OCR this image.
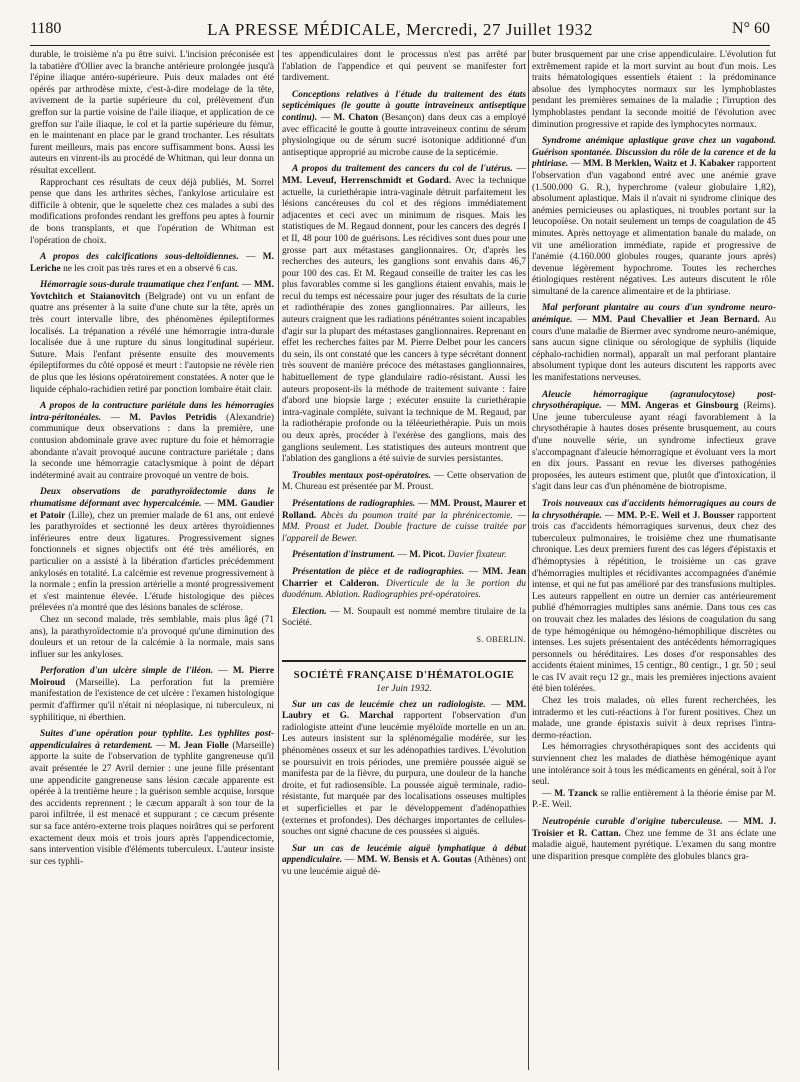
LA PRESSE MÉDICALE, Mercredi, 27 Juillet 1932
1180	N° 60

durable, le troisième n'a pu être suivi. L'incision préconisée est la tabatière d'Ollier avec la branche antérieure prolongée jusqu'à l'épine iliaque antéro-supérieure. Puis deux malades ont été opérés par arthrodèse mixte, c'est-à-dire modelage de la tête, avivement de la partie supérieure du col, prélèvement d'un greffon sur la partie voisine de l'aile iliaque, et application de ce greffon sur l'aile iliaque, le col et la partie supérieure du fémur, en le maintenant en place par le grand trochanter. Les résultats furent meilleurs, mais pas encore suffisamment bons. Aussi les auteurs en vinrent-ils au procédé de Whitman, qui leur donna un résultat excellent.

Rapprochant ces résultats de ceux déjà publiés, M. Sorrel pense que dans les arthrites sèches, l'ankylose articulaire est difficile à obtenir, que le squelette chez ces malades a subi des modifications profondes rendant les greffons peu aptes à fournir de bons transplants, et que l'opération de Whitman est l'opération de choix.

A propos des calcifications sous-deltoïdiennes. — M. Leriche ne les croit pas très rares et en a observé 6 cas.

Hémorragie sous-durale traumatique chez l'enfant. — MM. Yovtchitch et Staianovitch (Belgrade) ont vu un enfant de quatre ans présenter à la suite d'une chute sur la tête, après un très court intervalle libre, des phénomènes épileptiformes localisés. La trépanation a révélé une hémorragie intra-durale localisée due à une rupture du sinus longitudinal supérieur. Suture. Mais l'enfant présente ensuite des mouvements épileptiformes du côté opposé et meurt : l'autopsie ne révèle rien de plus que les lésions opératoirement constatées. A noter que le liquide céphalo-rachidien retiré par ponction lombaire était clair.

A propos de la contracture pariétale dans les hémorragies intra-péritonéales. — M. Pavlos Petridis (Alexandrie) communique deux observations : dans la première, une contusion abdominale grave avec rupture du foie et hémorragie abondante n'avait provoqué aucune contracture pariétale ; dans la seconde une hémorragie cataclysmique à point de départ indéterminé avait au contraire provoqué un ventre de bois.

Deux observations de parathyroïdectomie dans le rhumatisme déformant avec hypercalcémie. — MM. Gaudier et Patoir (Lille), chez un premier malade de 61 ans, ont enlevé les parathyroïdes et sectionné les deux artères thyroïdiennes inférieures entre deux ligatures. Progressivement signes fonctionnels et signes objectifs ont été très améliorés, en particulier on a assisté à la libération d'articles précédemment ankylosés en totalité. La calcémie est revenue progressivement à la normale ; enfin la pression artérielle a monté progressivement et s'est maintenue élevée. L'étude histologique des pièces prélevées n'a montré que des lésions banales de sclérose.

Chez un second malade, très semblable, mais plus âgé (71 ans), la parathyroïdectomie n'a provoqué qu'une diminution des douleurs et un retour de la calcémie à la normale, mais sans influer sur les ankyloses.

Perforation d'un ulcère simple de l'iléon. — M. Pierre Moiroud (Marseille). La perforation fut la première manifestation de l'existence de cet ulcère : l'examen histologique permit d'affirmer qu'il n'était ni néoplasique, ni tuberculeux, ni syphilitique, ni éberthien.

Suites d'une opération pour typhlite. Les typhlites post-appendiculaires à retardement. — M. Jean Fiolle (Marseille) apporte la suite de l'observation de typhlite gangreneuse qu'il avait présentée le 27 Avril dernier : une jeune fille présentant une appendicite gangreneuse sans lésion cæcale apparente est opérée à la trentième heure ; la guérison semble acquise, lorsque des accidents reprennent ; le cæcum apparaît à son tour de la paroi infiltrée, il est menacé et suppurant ; ce cæcum présente sur sa face antéro-externe trois plaques noirâtres qui se perforent exactement deux mois et trois jours après l'appendicectomie, sans intervention visible d'éléments tuberculeux. L'auteur insiste sur ces typhli-

tes appendiculaires dont le processus n'est pas arrêté par l'ablation de l'appendice et qui peuvent se manifester fort tardivement.

Conceptions relatives à l'étude du traitement des états septicémiques (le goutte à goutte intraveineux antiseptique continu). — M. Chaton (Besançon) dans deux cas a employé avec efficacité le goutte à goutte intraveineux continu de sérum physiologique ou de sérum sucré isotonique additionné d'un antiseptique approprié au microbe cause de la septicémie.

A propos du traitement des cancers du col de l'utérus. — MM. Leveuf, Herrenschmidt et Godard. Avec la technique actuelle, la curiethérapie intra-vaginale détruit parfaitement les lésions cancéreuses du col et des régions immédiatement adjacentes et ceci avec un minimum de risques. Mais les statistiques de M. Regaud donnent, pour les cancers des degrés I et II, 48 pour 100 de guérisons. Les récidives sont dues pour une grosse part aux métastases ganglionnaires. Or, d'après les recherches des auteurs, les ganglions sont envahis dans 46,7 pour 100 des cas. Et M. Regaud conseille de traiter les cas les plus favorables comme si les ganglions étaient envahis, mais le recul du temps est nécessaire pour juger des résultats de la curie et radiothérapie des zones ganglionnaires. Par ailleurs, les auteurs craignent que les radiations pénétrantes soient incapables d'agir sur la plupart des métastases ganglionnaires. Reprenant en effet les recherches faites par M. Pierre Delbet pour les cancers du sein, ils ont constaté que les cancers à type sécrétant donnent très souvent de manière précoce des métastases ganglionnaires, habituellement de type glandulaire radio-résistant. Aussi les auteurs proposent-ils la méthode de traitement suivante : faire d'abord une biopsie large ; exécuter ensuite la curiethérapie intra-vaginale complète, suivant la technique de M. Regaud, par la radiothérapie profonde ou la téléeuriethérapie. Puis un mois ou deux après, procéder à l'exérèse des ganglions, mais des ganglions seulement. Les statistiques des auteurs montrent que l'ablation des ganglions a été suivie de survies persistantes.

Troubles mentaux post-opératoires. — Cette observation de M. Chureau est présentée par M. Proust.

Présentations de radiographies. — MM. Proust, Maurer et Rolland. Abcès du poumon traité par la phrénicectomie. — MM. Proust et Judet. Double fracture de cuisse traitée par l'appareil de Bewer.

Présentation d'instrument. — M. Picot. Davier fixateur.

Présentation de pièce et de radiographies. — MM. Jean Charrier et Calderon. Diverticule de la 3e portion du duodénum. Ablation. Radiographies pré-opératoires.

Election. — M. Soupault est nommé membre titulaire de la Société.

S. OBERLIN.
SOCIÉTÉ FRANÇAISE D'HÉMATOLOGIE
1er Juin 1932.

Sur un cas de leucémie chez un radiologiste. — MM. Laubry et G. Marchal rapportent l'observation d'un radiologiste atteint d'une leucémie myéloïde mortelle en un an. Les auteurs insistent sur la splénomégalie modérée, sur les phénomènes osseux et sur les adénopathies tardives. L'évolution se poursuivit en trois périodes, une première poussée aiguë se manifesta par de la fièvre, du purpura, une douleur de la hanche droite, et fut radiosensible. La poussée aiguë terminale, radio-résistante, fut marquée par des localisations osseuses multiples et superficielles et par le développement d'adénopathies (externes et profondes). Des décharges importantes de cellules-souches ont signé chacune de ces poussées si aiguës.

Sur un cas de leucémie aiguë lymphatique à début appendiculaire. — MM. W. Bensis et A. Goutas (Athènes) ont vu une leucémie aiguë dé-

buter brusquement par une crise appendiculaire. L'évolution fut extrêmement rapide et la mort survint au bout d'un mois. Les traits hématologiques essentiels étaient : la prédominance absolue des lymphocytes normaux sur les lymphoblastes pendant les premières semaines de la maladie ; l'irruption des lymphoblastes pendant la seconde moitié de l'évolution avec diminution progressive et rapide des lymphocytes normaux.

Syndrome anémique aplastique grave chez un vagabond. Guérison spontanée. Discussion du rôle de la carence et de la phtiriase. — MM. B Merklen, Waitz et J. Kabaker rapportent l'observation d'un vagabond entré avec une anémie grave (1.500.000 G. R.), hyperchrome (valeur globulaire 1,82), absolument aplastique. Mais il n'avait ni syndrome clinique des anémies pernicieuses ou aplastiques, ni troubles portant sur la leucopoïèse. On notait seulement un temps de coagulation de 45 minutes. Après nettoyage et alimentation banale du malade, on vit une amélioration immédiate, rapide et progressive de l'anémie (4.160.000 globules rouges, quarante jours après) devenue légèrement hypochrome. Toutes les recherches étiologiques restèrent négatives. Les auteurs discutent le rôle simultané de la carence alimentaire et de la phtiriase.

Mal perforant plantaire au cours d'un syndrome neuro-anémique. — MM. Paul Chevallier et Jean Bernard. Au cours d'une maladie de Biermer avec syndrome neuro-anémique, sans aucun signe clinique ou sérologique de syphilis (liquide céphalo-rachidien normal), apparaît un mal perforant plantaire absolument typique dont les auteurs discutent les rapports avec les manifestations nerveuses.

Aleucie hémorragique (agranulocytose) post-chrysothérapique. — MM. Angeras et Ginsbourg (Reims). Une jeune tuberculeuse ayant réagi favorablement à la chrysothérapie à hautes doses présente brusquement, au cours d'une nouvelle série, un syndrome infectieux grave s'accompagnant d'aleucie hémorragique et évoluant vers la mort en dix jours. Passant en revue les diverses pathogénies proposées, les auteurs estiment que, plutôt que d'intoxication, il s'agit dans leur cas d'un phénomène de biotropisme.

Trois nouveaux cas d'accidents hémorragiques au cours de la chrysothérapie. — MM. P.-E. Weil et J. Bousser rapportent trois cas d'accidents hémorragiques survenus, deux chez des tuberculeux pulmonaires, le troisième chez une rhumatisante chronique. Les deux premiers furent des cas légers d'épistaxis et d'hémoptysies à répétition, le troisième un cas grave d'hémorragies multiples et récidivantes accompagnées d'anémie intense, et qui ne fut pas amélioré par des transfusions multiples. Les auteurs rappellent en outre un dernier cas antérieurement publié d'hémorragies multiples sans anémie. Dans tous ces cas on trouvait chez les malades des lésions de coagulation du sang de type hémogénique ou hémogéno-hémophilique discrètes ou intenses. Les sujets présentaient des antécédents hémorragiques personnels ou héréditaires. Les doses d'or responsables des accidents étaient minimes, 15 centigr., 80 centigr., 1 gr. 50 ; seul le cas IV avait reçu 12 gr., mais les premières injections avaient été bien tolérées.

Chez les trois malades, où elles furent recherchées, les intradermo et les cuti-réactions à l'or furent positives. Chez un malade, une grande épistaxis suivit à deux reprises l'intra-dermo-réaction.

Les hémorragies chrysothérapiques sont des accidents qui surviennent chez les malades de diathèse hémogénique ayant une intolérance soit à tous les médicaments en général, soit à l'or seul.

— M. Tzanck se rallie entièrement à la théorie émise par M. P.-E. Weil.

Neutropénie curable d'origine tuberculeuse. — MM. J. Troisier et R. Cattan. Chez une femme de 31 ans éclate une maladie aiguë, hautement pyrétique. L'examen du sang montre une disparition presque complète des globules blancs gra-
